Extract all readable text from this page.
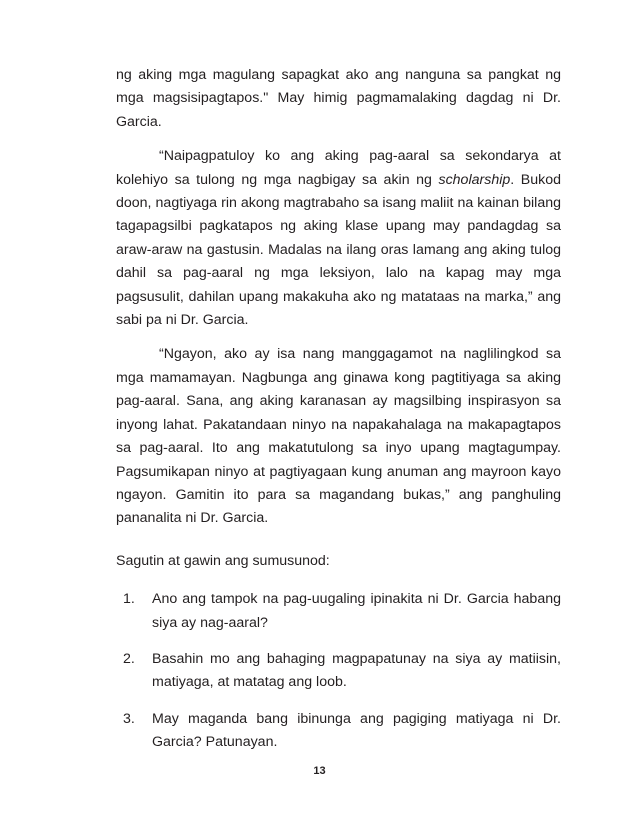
ng aking mga magulang sapagkat ako ang nanguna sa pangkat ng mga magsisipagtapos." May himig pagmamalaking dagdag ni Dr. Garcia.

“Naipagpatuloy ko ang aking pag-aaral sa sekondarya at kolehiyo sa tulong ng mga nagbigay sa akin ng scholarship. Bukod doon, nagtiyaga rin akong magtrabaho sa isang maliit na kainan bilang tagapagsilbi pagkatapos ng aking klase upang may pandagdag sa araw-araw na gastusin. Madalas na ilang oras lamang ang aking tulog dahil sa pag-aaral ng mga leksiyon, lalo na kapag may mga pagsusulit, dahilan upang makakuha ako ng matataas na marka,” ang sabi pa ni Dr. Garcia.

“Ngayon, ako ay isa nang manggagamot na naglilingkod sa mga mamamayan. Nagbunga ang ginawa kong pagtitiyaga sa aking pag-aaral. Sana, ang aking karanasan ay magsilbing inspirasyon sa inyong lahat. Pakatandaan ninyo na napakahalaga na makapagtapos sa pag-aaral. Ito ang makatutulong sa inyo upang magtagumpay. Pagsumikapan ninyo at pagtiyagaan kung anuman ang mayroon kayo ngayon. Gamitin ito para sa magandang bukas,” ang panghuling pananalita ni Dr. Garcia.

Sagutin at gawin ang sumusunod:

1.	Ano ang tampok na pag-uugaling ipinakita ni Dr. Garcia habang siya ay nag-aaral?
2.	Basahin mo ang bahaging magpapatunay na siya ay matiisin, matiyaga, at matatag ang loob.
3.	May maganda bang ibinunga ang pagiging matiyaga ni Dr. Garcia? Patunayan.
13
